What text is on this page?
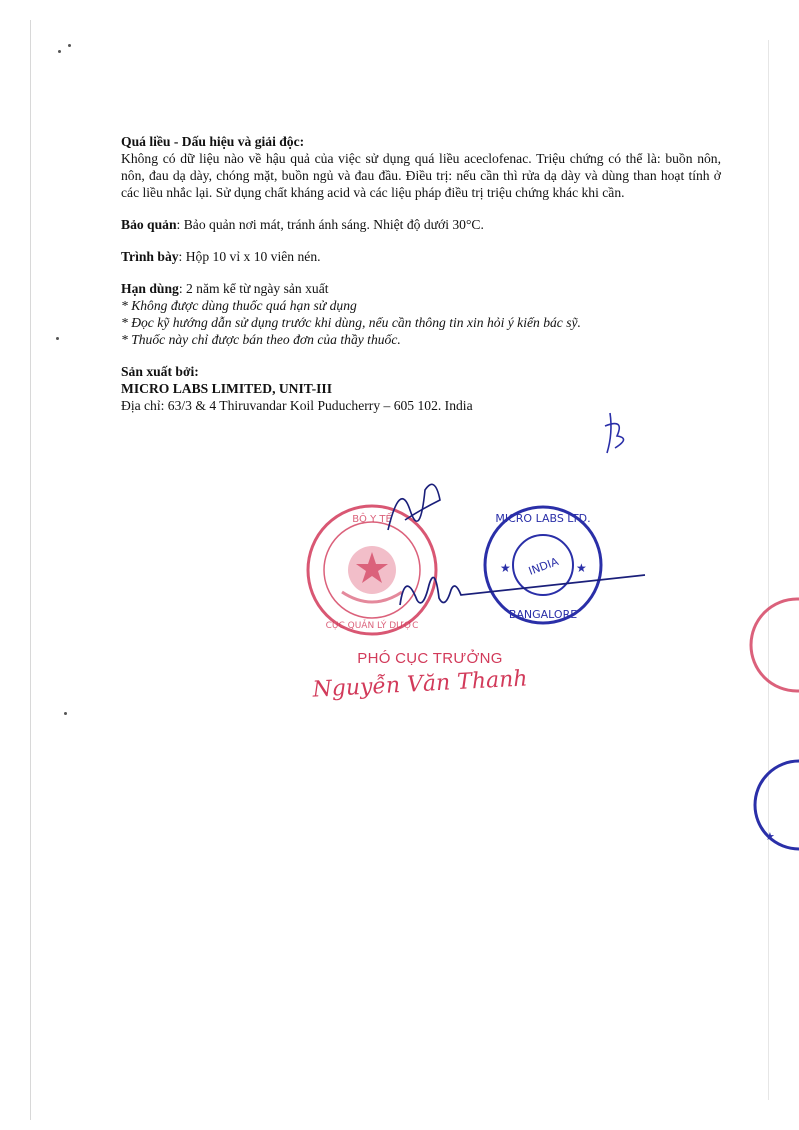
Quá liều - Dấu hiệu và giải độc:
Không có dữ liệu nào về hậu quả của việc sử dụng quá liều aceclofenac. Triệu chứng có thể là: buồn nôn, nôn, đau dạ dày, chóng mặt, buồn ngủ và đau đầu. Điều trị: nếu cần thì rửa dạ dày và dùng than hoạt tính ở các liều nhắc lại. Sử dụng chất kháng acid và các liệu pháp điều trị triệu chứng khác khi cần.
Bảo quản: Bảo quản nơi mát, tránh ánh sáng. Nhiệt độ dưới 30°C.
Trình bày: Hộp 10 vỉ x 10 viên nén.
Hạn dùng: 2 năm kể từ ngày sản xuất
* Không được dùng thuốc quá hạn sử dụng
* Đọc kỹ hướng dẫn sử dụng trước khi dùng, nếu cần thông tin xin hỏi ý kiến bác sỹ.
* Thuốc này chỉ được bán theo đơn của thầy thuốc.
Sản xuất bởi:
MICRO LABS LIMITED, UNIT-III
Địa chỉ: 63/3 & 4 Thiruvandar Koil Puducherry – 605 102. India
BỘ Y TẾ
CỤC QUẢN LÝ DƯỢC
MICRO LABS LTD.
BANGALORE
INDIA
★	★
★
PHÓ CỤC TRƯỞNG
Nguyễn Văn Thanh
